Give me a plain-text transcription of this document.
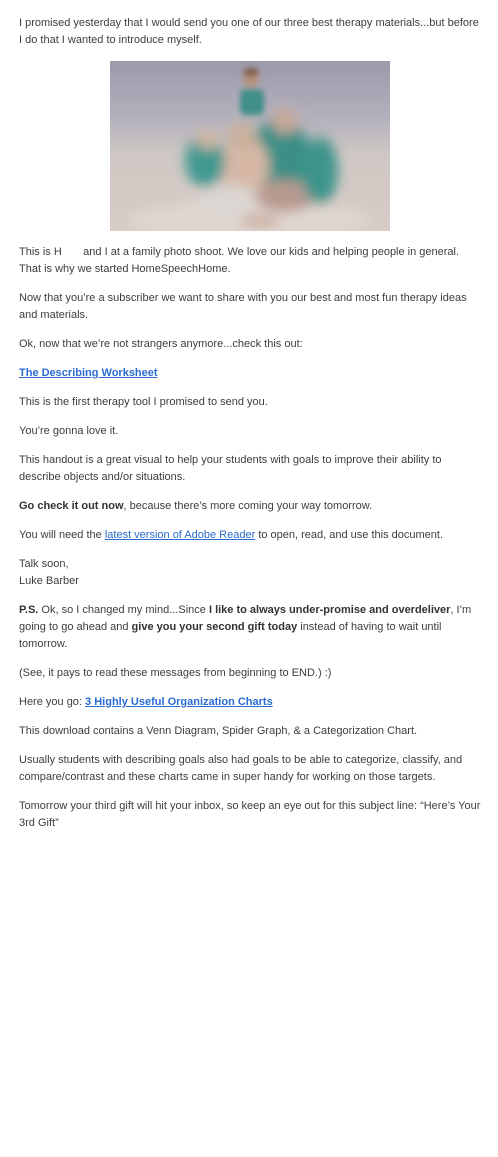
I promised yesterday that I would send you one of our three best therapy materials...but before I do that I wanted to introduce myself.

This is H       and I at a family photo shoot. We love our kids and helping people in general. That is why we started HomeSpeechHome.

Now that you’re a subscriber we want to share with you our best and most fun therapy ideas and materials.

Ok, now that we’re not strangers anymore...check this out:

The Describing Worksheet

This is the first therapy tool I promised to send you.

You’re gonna love it.

This handout is a great visual to help your students with goals to improve their ability to describe objects and/or situations.

Go check it out now, because there’s more coming your way tomorrow.

You will need the latest version of Adobe Reader to open, read, and use this document.

Talk soon,
Luke Barber

P.S. Ok, so I changed my mind...Since I like to always under-promise and overdeliver, I’m going to go ahead and give you your second gift today instead of having to wait until tomorrow.

(See, it pays to read these messages from beginning to END.) :)

Here you go: 3 Highly Useful Organization Charts

This download contains a Venn Diagram, Spider Graph, & a Categorization Chart.

Usually students with describing goals also had goals to be able to categorize, classify, and compare/contrast and these charts came in super handy for working on those targets.

Tomorrow your third gift will hit your inbox, so keep an eye out for this subject line: “Here’s Your 3rd Gift”
